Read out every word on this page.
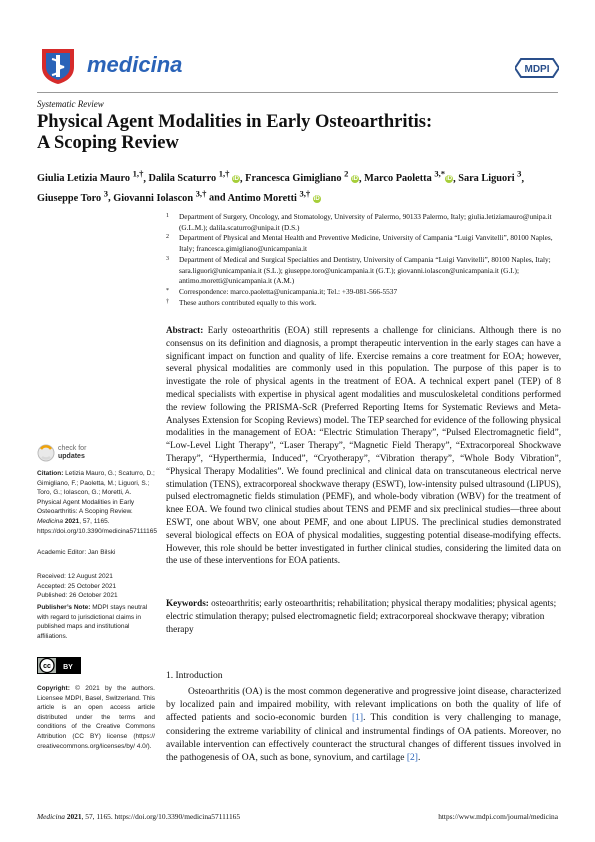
medicina	MDPI
Systematic Review
Physical Agent Modalities in Early Osteoarthritis:
A Scoping Review
Giulia Letizia Mauro $^{1,\dagger}$, Dalila Scaturro $^{1,\dagger}$ iD, Francesca Gimigliano $^2$ iD, Marco Paoletta $^{3,*}$iD, Sara Liguori $^3$,
Giuseppe Toro $^3$, Giovanni Iolascon $^{3,\dagger}$ and Antimo Moretti $^{3,\dagger}$ iD
1 Department of Surgery, Oncology, and Stomatology, University of Palermo, 90133 Palermo, Italy; giulia.letiziamauro@unipa.it (G.L.M.); dalila.scaturro@unipa.it (D.S.)
2 Department of Physical and Mental Health and Preventive Medicine, University of Campania “Luigi Vanvitelli”, 80100 Naples, Italy; francesca.gimigliano@unicampania.it
3 Department of Medical and Surgical Specialties and Dentistry, University of Campania “Luigi Vanvitelli”, 80100 Naples, Italy; sara.liguori@unicampania.it (S.L.); giuseppe.toro@unicampania.it (G.T.); giovanni.iolascon@unicampania.it (G.I.); antimo.moretti@unicampania.it (A.M.)
* Correspondence: marco.paoletta@unicampania.it; Tel.: +39-081-566-5537
† These authors contributed equally to this work.
Abstract: Early osteoarthritis (EOA) still represents a challenge for clinicians. Although there is no consensus on its definition and diagnosis, a prompt therapeutic intervention in the early stages can have a significant impact on function and quality of life. Exercise remains a core treatment for EOA; however, several physical modalities are commonly used in this population. The purpose of this paper is to investigate the role of physical agents in the treatment of EOA. A technical expert panel (TEP) of 8 medical specialists with expertise in physical agent modalities and musculoskeletal conditions performed the review following the PRISMA-ScR (Preferred Reporting Items for Systematic Reviews and Meta-Analyses Extension for Scoping Reviews) model. The TEP searched for evidence of the following physical modalities in the management of EOA: “Electric Stimulation Therapy”, “Pulsed Electromagnetic field”, “Low-Level Light Therapy”, “Laser Therapy”, “Magnetic Field Therapy”, “Extracorporeal Shockwave Therapy”, “Hyperthermia, Induced”, “Cryotherapy”, “Vibration therapy”, “Whole Body Vibration”, “Physical Therapy Modalities”. We found preclinical and clinical data on transcutaneous electrical nerve stimulation (TENS), extracorporeal shockwave therapy (ESWT), low-intensity pulsed ultrasound (LIPUS), pulsed electromagnetic fields stimulation (PEMF), and whole-body vibration (WBV) for the treatment of knee EOA. We found two clinical studies about TENS and PEMF and six preclinical studies—three about ESWT, one about WBV, one about PEMF, and one about LIPUS. The preclinical studies demonstrated several biological effects on EOA of physical modalities, suggesting potential disease-modifying effects. However, this role should be better investigated in further clinical studies, considering the limited data on the use of these interventions for EOA patients.
Keywords: osteoarthritis; early osteoarthritis; rehabilitation; physical therapy modalities; physical agents; electric stimulation therapy; pulsed electromagnetic field; extracorporeal shockwave therapy; vibration therapy
check for
updates
Citation: Letizia Mauro, G.; Scaturro, D.; Gimigliano, F.; Paoletta, M.; Liguori, S.; Toro, G.; Iolascon, G.; Moretti, A. Physical Agent Modalities in Early Osteoarthritis: A Scoping Review. Medicina 2021, 57, 1165. https://doi.org/10.3390/medicina57111165
Academic Editor: Jan Bilski
Received: 12 August 2021
Accepted: 25 October 2021
Published: 26 October 2021
Publisher’s Note: MDPI stays neutral with regard to jurisdictional claims in published maps and institutional affiliations.
cc BY
Copyright: © 2021 by the authors. Licensee MDPI, Basel, Switzerland. This article is an open access article distributed under the terms and conditions of the Creative Commons Attribution (CC BY) license (https:// creativecommons.org/licenses/by/ 4.0/).
1. Introduction
Osteoarthritis (OA) is the most common degenerative and progressive joint disease, characterized by localized pain and impaired mobility, with relevant implications on both the quality of life of affected patients and socio-economic burden [1]. This condition is very challenging to manage, considering the extreme variability of clinical and instrumental findings of OA patients. Moreover, no available intervention can effectively counteract the structural changes of different tissues involved in the pathogenesis of OA, such as bone, synovium, and cartilage [2].
Medicina 2021, 57, 1165. https://doi.org/10.3390/medicina57111165	https://www.mdpi.com/journal/medicina
